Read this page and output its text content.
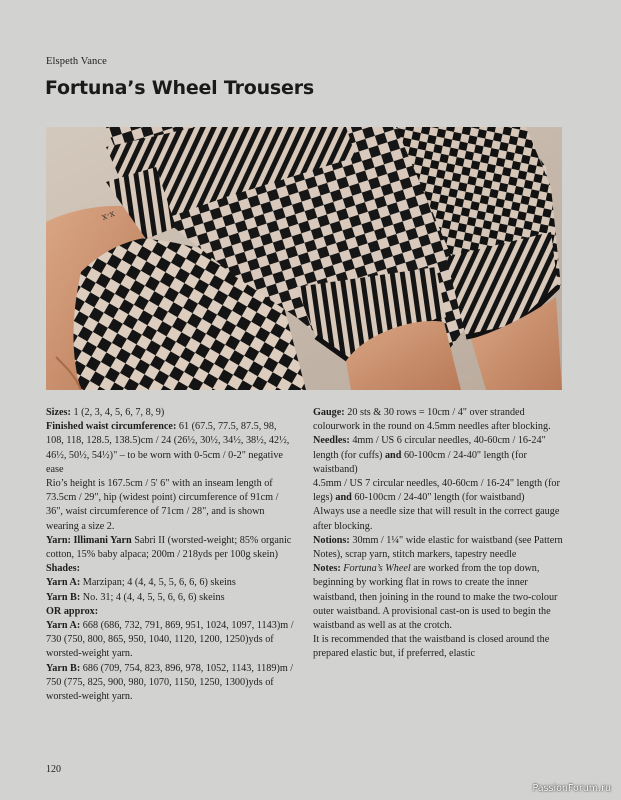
Elspeth Vance
Fortuna’s Wheel Trousers
x·x

Sizes: 1 (2, 3, 4, 5, 6, 7, 8, 9)

Finished waist circumference: 61 (67.5, 77.5, 87.5, 98, 108, 118, 128.5, 138.5)cm / 24 (26½, 30½, 34½, 38½, 42½, 46½, 50½, 54½)" – to be worn with 0-5cm / 0-2" negative ease

Rio’s height is 167.5cm / 5' 6" with an inseam length of 73.5cm / 29", hip (widest point) circumference of 91cm / 36", waist circumference of 71cm / 28", and is shown wearing a size 2.

Yarn: Illimani Yarn Sabri II (worsted-weight; 85% organic cotton, 15% baby alpaca; 200m / 218yds per 100g skein)

Shades:

Yarn A: Marzipan; 4 (4, 4, 5, 5, 6, 6, 6) skeins

Yarn B: No. 31; 4 (4, 4, 5, 5, 6, 6, 6) skeins

OR approx:

Yarn A: 668 (686, 732, 791, 869, 951, 1024, 1097, 1143)m / 730 (750, 800, 865, 950, 1040, 1120, 1200, 1250)yds of worsted-weight yarn.

Yarn B: 686 (709, 754, 823, 896, 978, 1052, 1143, 1189)m / 750 (775, 825, 900, 980, 1070, 1150, 1250, 1300)yds of worsted-weight yarn.

Gauge: 20 sts & 30 rows = 10cm / 4" over stranded colourwork in the round on 4.5mm needles after blocking.

Needles: 4mm / US 6 circular needles, 40-60cm / 16-24" length (for cuffs) and 60-100cm / 24-40" length (for waistband)

4.5mm / US 7 circular needles, 40-60cm / 16-24" length (for legs) and 60-100cm / 24-40" length (for waistband)

Always use a needle size that will result in the correct gauge after blocking.

Notions: 30mm / 1¼" wide elastic for waistband (see Pattern Notes), scrap yarn, stitch markers, tapestry needle

Notes: Fortuna’s Wheel are worked from the top down, beginning by working flat in rows to create the inner waistband, then joining in the round to make the two-colour outer waistband. A provisional cast-on is used to begin the waistband as well as at the crotch.

It is recommended that the waistband is closed around the prepared elastic but, if preferred, elastic

120
PassionForum.ru
